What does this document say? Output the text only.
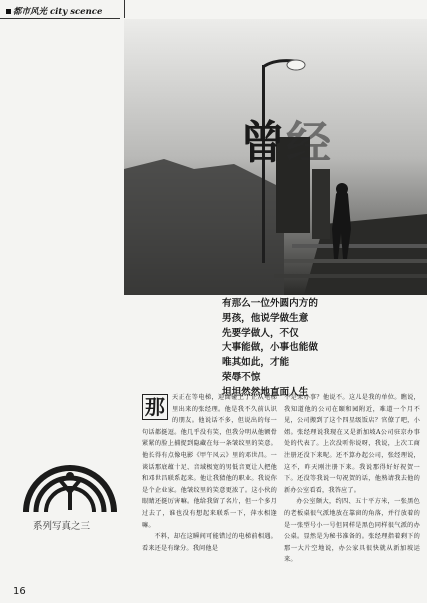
都市风光 city scence
曾经
有那么一位外圆内方的
男孩，他说学做生意
先要学做人，不仅
大事能做，小事也能做
唯其如此，才能
荣辱不惊
坦坦然然地直面人生
系列写真之三
那	天正在等电梯，迎面碰上了正从电梯里出来的张经理。他是我不久前认识的朋友。他说话不多，但说出的每一句话都挺逗。他几乎没有笑，但我分明从他额骨紧紧的脸上捕捉到隐藏在每一条皱纹里的笑意。他长得有点像电影《甲午风云》里的邓世昌。一谈话那底蕴十足、音域极宽的男低音更让人把他和邓世昌联系起来。他让我猜他的职业。我说你是个企业家。他皱纹里的笑意更浓了。这小伙的眼睛还挺厉害嘛。他给我留了名片，但一个多月过去了，谁也没有想起来联系一下，萍水相逢嘛。

不料，却在这瞬间可能错过的电梯前相遇。看来还是有缘分。我问他是

不是来办事？他说不。这儿是我的单位。瞧说，我知道他的公司在颐和园附近，难道一个月不见，公司搬到了这个四星级饭店？官僚了吧，小姐。张经理说我现在又是新加坡A公司驻京办事处的代表了。上次没听你说呀，我说，上次工商注册还没下来呢。还不算办起公司，张经理说，这不，昨天刚注册下来。我说那得好好祝贺一下。还没等我说一句祝贺的话，他熟请我去他的新办公室看看，我答应了。

办公室颇大，约四、五十平方米，一张黑色的老板桌很气派地放在靠窗的角落，并行放着的是一张型号小一号但同样是黑色同样很气派的办公桌。显然是为秘书准备的。张经理指着剩下的那一大片空地说，办公家具很快就从新加坡运来。

16
